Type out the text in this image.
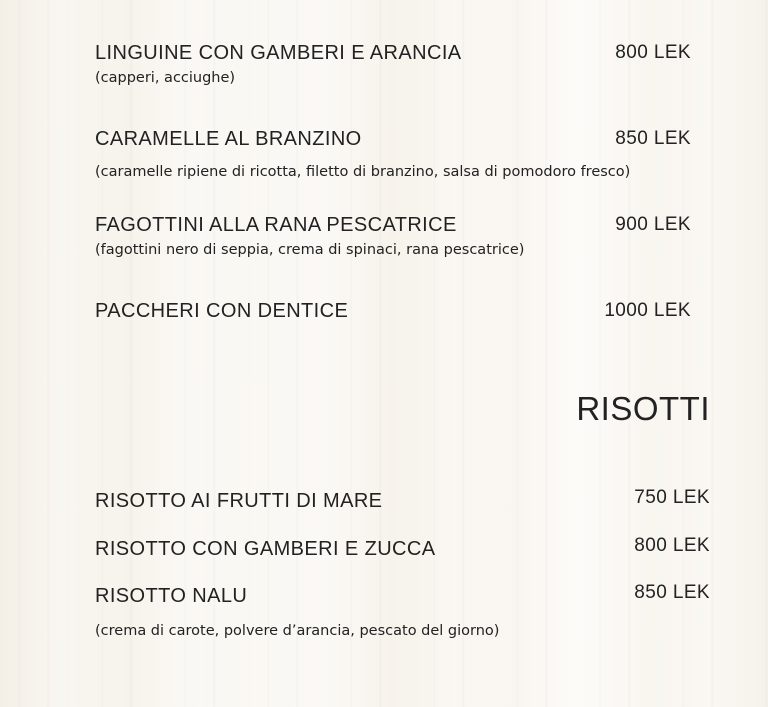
LINGUINE CON GAMBERI E ARANCIA	800 LEK
(capperi, acciughe)
CARAMELLE AL BRANZINO	850 LEK
(caramelle ripiene di ricotta, filetto di branzino, salsa di pomodoro fresco)
FAGOTTINI ALLA RANA PESCATRICE	900 LEK
(fagottini nero di seppia, crema di spinaci, rana pescatrice)
PACCHERI CON DENTICE	1000 LEK
RISOTTI
RISOTTO AI FRUTTI DI MARE	750 LEK
RISOTTO CON GAMBERI E ZUCCA	800 LEK
RISOTTO NALU	850 LEK
(crema di carote, polvere d’arancia, pescato del giorno)
